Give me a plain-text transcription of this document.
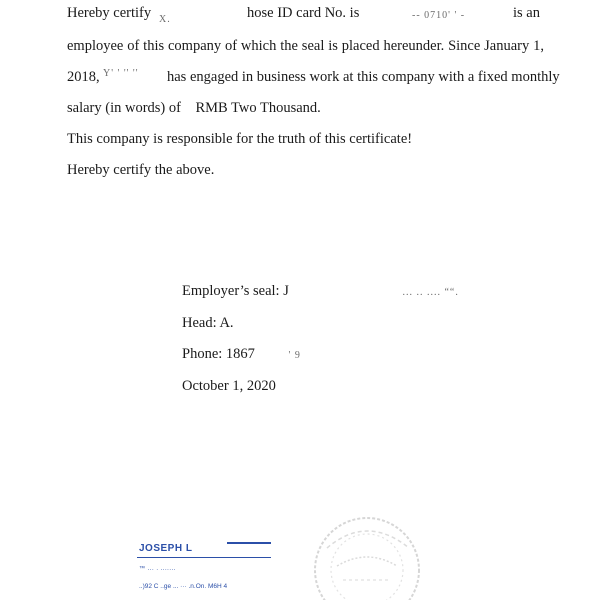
Hereby certify X.	hose ID card No. is	-- 0710' ' -	is an
employee of this company of which the seal is placed hereunder. Since January 1,
2018, Y' ' '' '' has engaged in business work at this company with a fixed monthly
salary (in words) of    RMB Two Thousand.
This company is responsible for the truth of this certificate!
Hereby certify the above.
Employer’s seal: J	... .. .... ““.
Head: A.
Phone: 1867	' 9
October 1, 2020
JOSEPH L
™ ... . .......
..)92 C ..ge ... ··· .n.On. M6H 4
